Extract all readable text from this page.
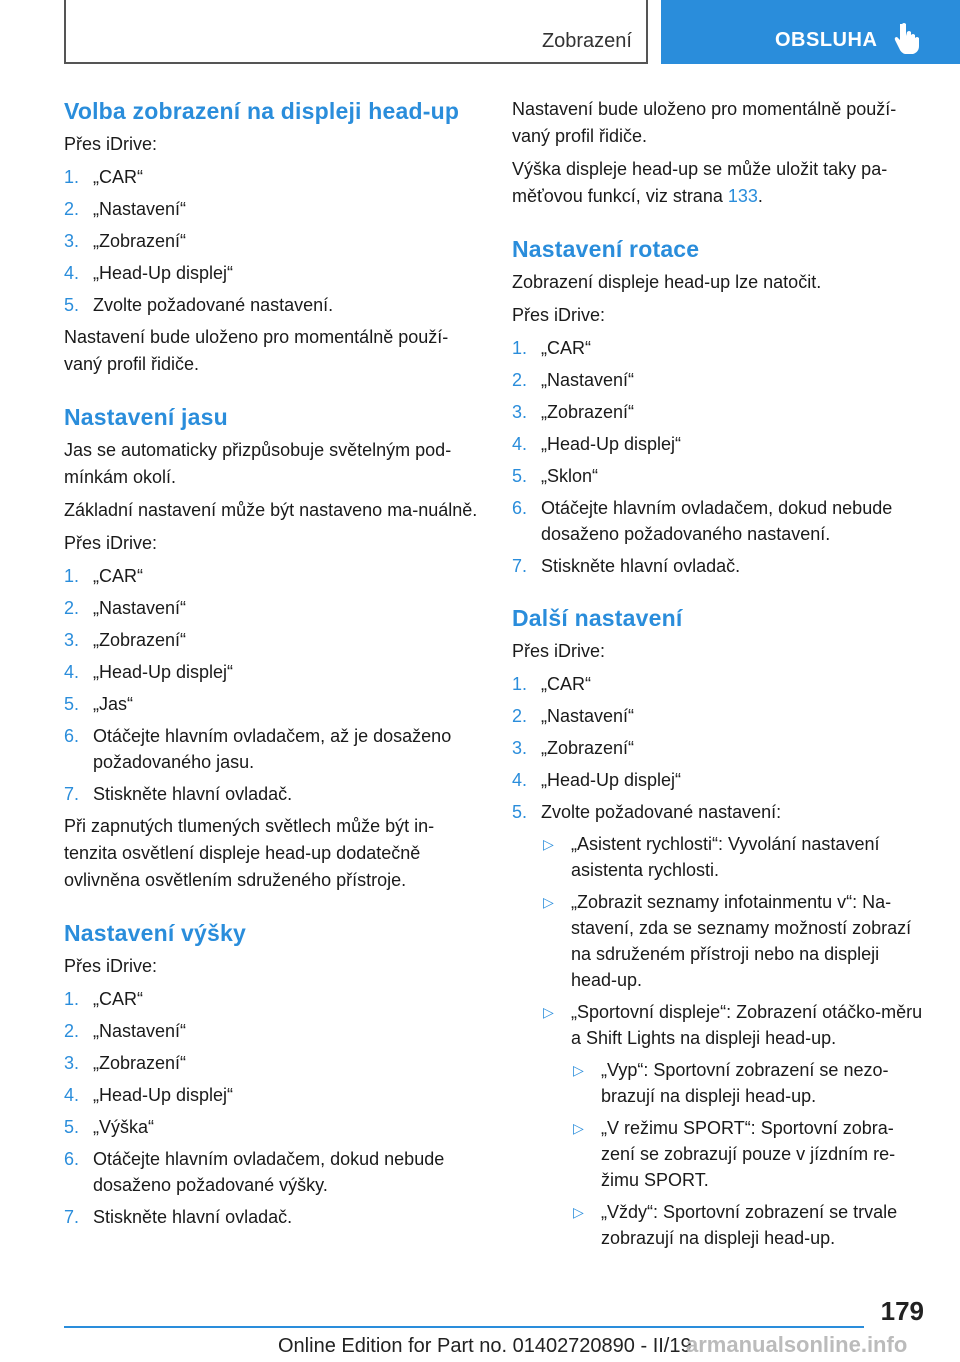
Zobrazení	OBSLUHA
Volba zobrazení na displeji head-up

Přes iDrive:

1. „CAR“
2. „Nastavení“
3. „Zobrazení“
4. „Head-Up displej“
5. Zvolte požadované nastavení.

Nastavení bude uloženo pro momentálně použí-vaný profil řidiče.

Nastavení jasu

Jas se automaticky přizpůsobuje světelným pod-mínkám okolí.

Základní nastavení může být nastaveno ma-nuálně.

Přes iDrive:

1. „CAR“
2. „Nastavení“
3. „Zobrazení“
4. „Head-Up displej“
5. „Jas“
6. Otáčejte hlavním ovladačem, až je dosaženo požadovaného jasu.
7. Stiskněte hlavní ovladač.

Při zapnutých tlumených světlech může být in-tenzita osvětlení displeje head-up dodatečně ovlivněna osvětlením sdruženého přístroje.

Nastavení výšky

Přes iDrive:

1. „CAR“
2. „Nastavení“
3. „Zobrazení“
4. „Head-Up displej“
5. „Výška“
6. Otáčejte hlavním ovladačem, dokud nebude dosaženo požadované výšky.
7. Stiskněte hlavní ovladač.

Nastavení bude uloženo pro momentálně použí-vaný profil řidiče.

Výška displeje head-up se může uložit taky pa-měťovou funkcí, viz strana 133.

Nastavení rotace

Zobrazení displeje head-up lze natočit.

Přes iDrive:

1. „CAR“
2. „Nastavení“
3. „Zobrazení“
4. „Head-Up displej“
5. „Sklon“
6. Otáčejte hlavním ovladačem, dokud nebude dosaženo požadovaného nastavení.
7. Stiskněte hlavní ovladač.
Další nastavení

Přes iDrive:

1. „CAR“
2. „Nastavení“
3. „Zobrazení“
4. „Head-Up displej“
5. Zvolte požadované nastavení:
▷ „Asistent rychlosti“: Vyvolání nastavení asistenta rychlosti.
▷ „Zobrazit seznamy infotainmentu v“: Na-stavení, zda se seznamy možností zobrazí na sdruženém přístroji nebo na displeji head-up.
▷ „Sportovní displeje“: Zobrazení otáčko-měru a Shift Lights na displeji head-up.
▷ „Vyp“: Sportovní zobrazení se nezo-brazují na displeji head-up.
▷ „V režimu SPORT“: Sportovní zobra-zení se zobrazují pouze v jízdním re-žimu SPORT.
▷ „Vždy“: Sportovní zobrazení se trvale zobrazují na displeji head-up.
179
Online Edition for Part no. 01402720890 - II/19
armanualsonline.info
